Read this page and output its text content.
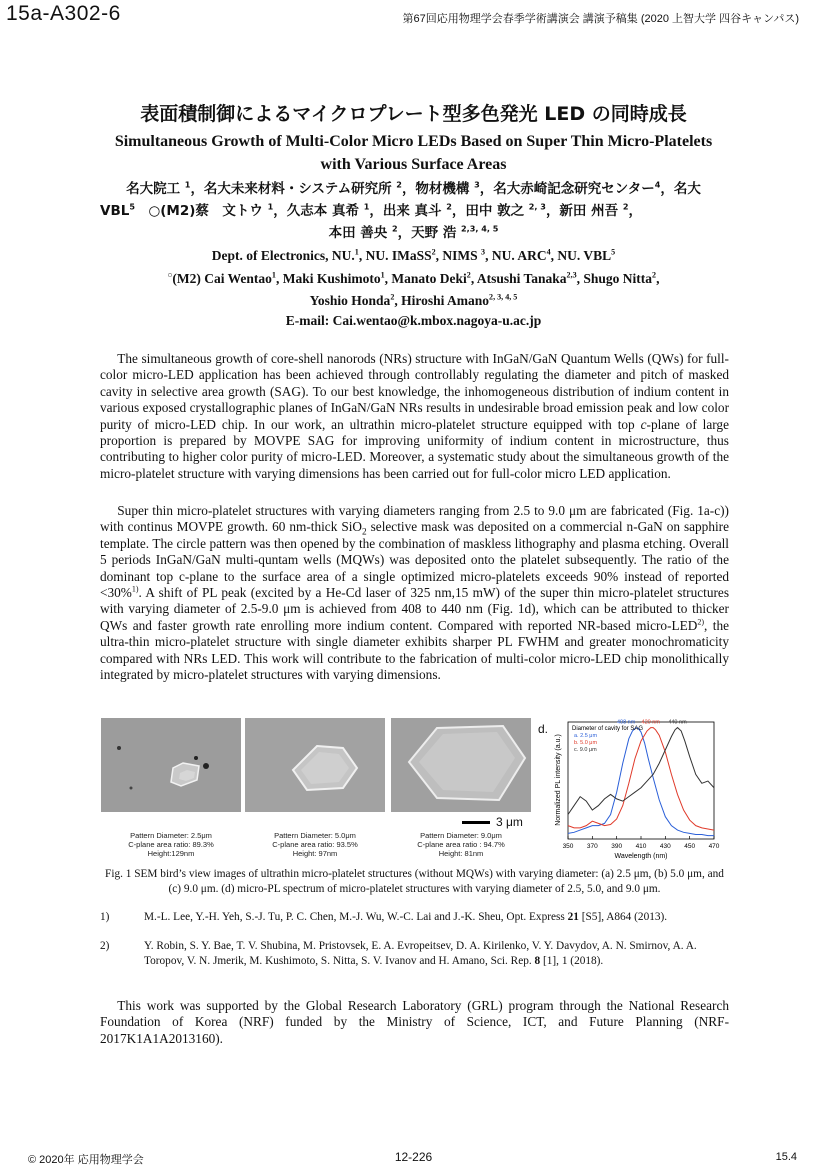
15a-A302-6	第67回応用物理学会春季学術講演会 講演予稿集 (2020 上智大学 四谷キャンパス)
表面積制御によるマイクロプレート型多色発光 LED の同時成長
Simultaneous Growth of Multi-Color Micro LEDs Based on Super Thin Micro-Platelets
with Various Surface Areas
名大院工 $^1$，名大未来材料・システム研究所 $^2$，物材機構 $^3$，名大赤崎記念研究センター$^4$，名大
VBL$^5$　○(M2)蔡　文トウ $^1$，久志本 真希 $^1$，出来 真斗 $^2$，田中 敦之 $^{2, 3}$，新田 州吾 $^2$，
本田 善央 $^2$，天野 浩 $^{2,3, 4, 5}$
Dept. of Electronics, NU.$^1$, NU. IMaSS$^2$, NIMS $^3$, NU. ARC$^4$, NU. VBL$^5$
○(M2) Cai Wentao$^1$, Maki Kushimoto$^1$, Manato Deki$^2$, Atsushi Tanaka$^{2,3}$, Shugo Nitta$^2$,
Yoshio Honda$^2$, Hiroshi Amano$^{2, 3, 4, 5}$
E-mail: Cai.wentao@k.mbox.nagoya-u.ac.jp
The simultaneous growth of core-shell nanorods (NRs) structure with InGaN/GaN Quantum Wells (QWs) for full-color micro-LED application has been achieved through controllably regulating the diameter and pitch of masked cavity in selective area growth (SAG). To our best knowledge, the inhomogeneous distribution of indium content in various exposed crystallographic planes of InGaN/GaN NRs results in undesirable broad emission peak and low color purity of micro-LED chip. In our work, an ultrathin micro-platelet structure equipped with top c-plane of large proportion is prepared by MOVPE SAG for improving uniformity of indium content in microstructure, thus contributing to higher color purity of micro-LED. Moreover, a systematic study about the simultaneous growth of the micro-platelet structure with varying dimensions has been carried out for full-color micro LED application.
Super thin micro-platelet structures with varying diameters ranging from 2.5 to 9.0 μm are fabricated (Fig. 1a-c)) with continus MOVPE growth. 60 nm-thick SiO$_2$ selective mask was deposited on a commercial n-GaN on sapphire template. The circle pattern was then opened by the combination of maskless lithography and plasma etching. Overall 5 periods InGaN/GaN multi-quntam wells (MQWs) was deposited onto the platelet subsequently. The ratio of the dominant top c-plane to the surface area of a single optimized micro-platelets exceeds 90% instead of reported <30%$^{1)}$. A shift of PL peak (excited by a He-Cd laser of 325 nm,15 mW) of the super thin micro-platelet structures with varying diameter of 2.5-9.0 μm is achieved from 408 to 440 nm (Fig. 1d), which can be attributed to thicker QWs and faster growth rate enrolling more indium content. Compared with reported NR-based micro-LED$^{2)}$, the ultra-thin micro-platelet structure with single diameter exhibits sharper PL FWHM and greater monochromaticity compared with NRs LED. This work will contribute to the fabrication of multi-color micro-LED chip monolithically integrated by micro-platelet structures with varying dimensions.
d.
3 μm
Pattern Diameter: 2.5μm
C-plane area ratio: 89.3%
Height:129nm
Pattern Diameter: 5.0μm
C-plane area ratio: 93.5%
Height: 97nm
Pattern Diameter: 9.0μm
C-plane area ratio : 94.7%
Height: 81nm
350 370 390 410 430 450 470
408 nm 420 nm 440 nm
Diameter of cavity for SAG
a. 2.5 μm
b. 5.0 μm
c. 9.0 μm
Normalized PL intensity (a.u.)
Wavelength (nm)
Fig. 1 SEM bird’s view images of ultrathin micro-platelet structures (without MQWs) with varying diameter: (a) 2.5 μm, (b) 5.0 μm, and (c) 9.0 μm. (d) micro-PL spectrum of micro-platelet structures with varying diameter of 2.5, 5.0, and 9.0 μm.
1)	M.-L. Lee, Y.-H. Yeh, S.-J. Tu, P. C. Chen, M.-J. Wu, W.-C. Lai and J.-K. Sheu, Opt. Express 21 [S5], A864 (2013).
2)	Y. Robin, S. Y. Bae, T. V. Shubina, M. Pristovsek, E. A. Evropeitsev, D. A. Kirilenko, V. Y. Davydov, A. N. Smirnov, A. A. Toropov, V. N. Jmerik, M. Kushimoto, S. Nitta, S. V. Ivanov and H. Amano, Sci. Rep. 8 [1], 1 (2018).
This work was supported by the Global Research Laboratory (GRL) program through the National Research Foundation of Korea (NRF) funded by the Ministry of Science, ICT, and Future Planning (NRF-2017K1A1A2013160).
© 2020年 応用物理学会	12-226	15.4
